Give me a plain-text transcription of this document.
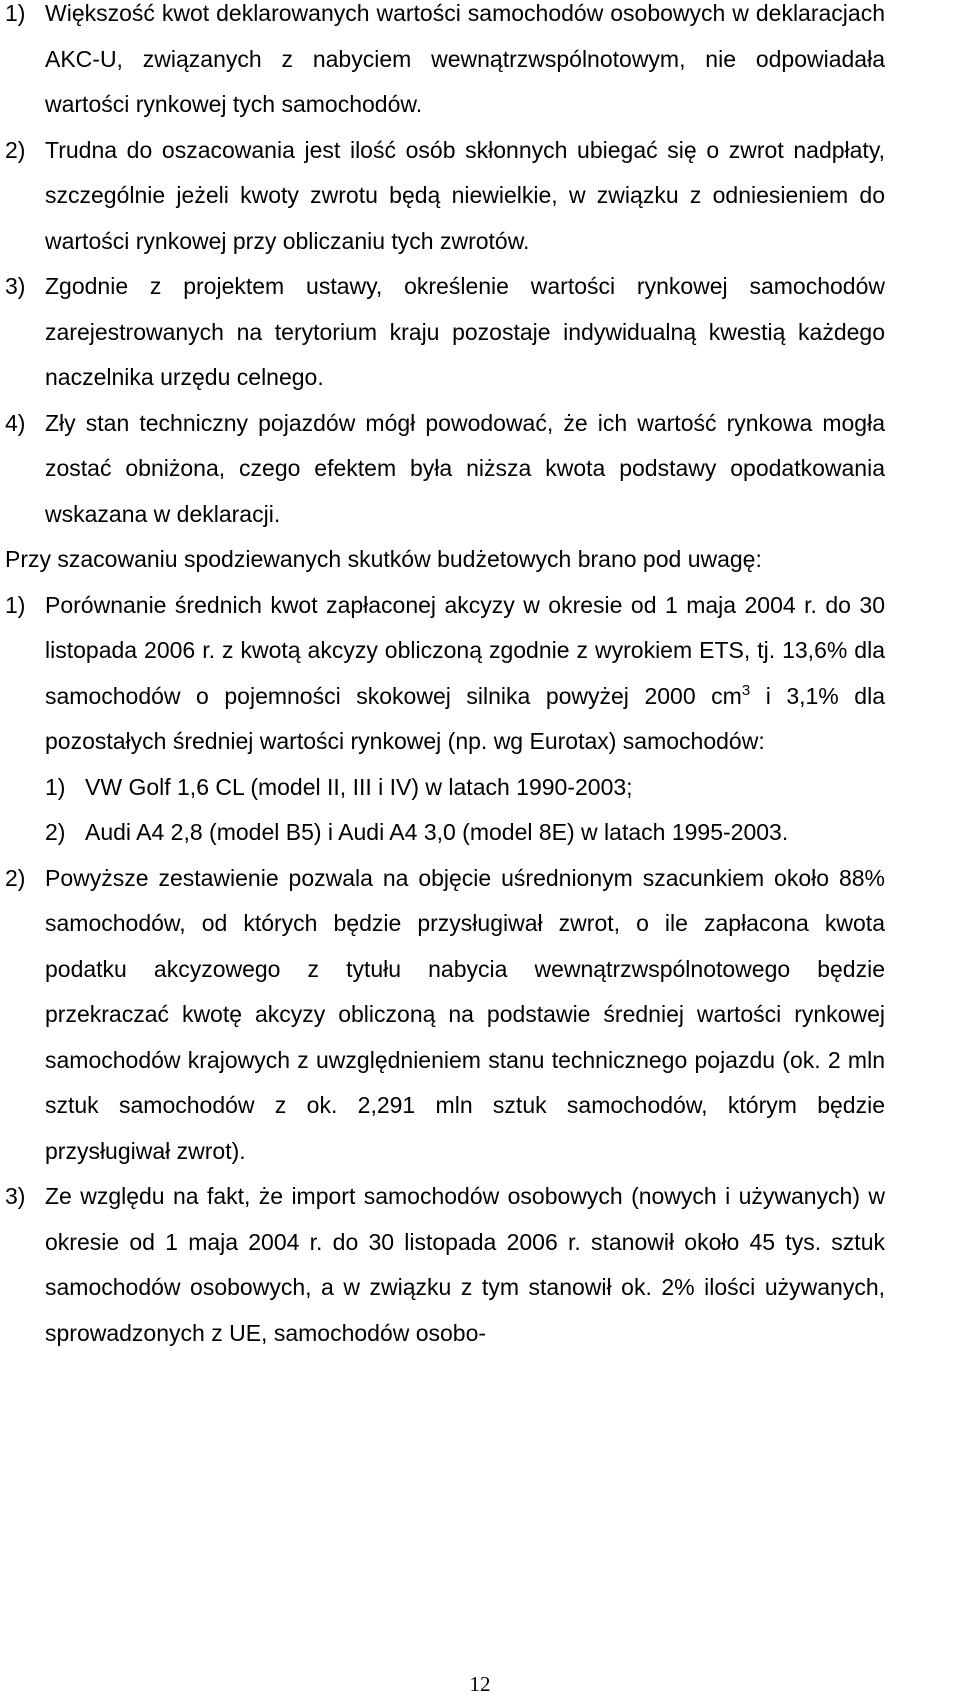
1) Większość kwot deklarowanych wartości samochodów osobowych w deklaracjach AKC-U, związanych z nabyciem wewnątrzwspólnotowym, nie odpowiadała wartości rynkowej tych samochodów.
2) Trudna do oszacowania jest ilość osób skłonnych ubiegać się o zwrot nadpłaty, szczególnie jeżeli kwoty zwrotu będą niewielkie, w związku z odniesieniem do wartości rynkowej przy obliczaniu tych zwrotów.
3) Zgodnie z projektem ustawy, określenie wartości rynkowej samochodów zarejestrowanych na terytorium kraju pozostaje indywidualną kwestią każdego naczelnika urzędu celnego.
4) Zły stan techniczny pojazdów mógł powodować, że ich wartość rynkowa mogła zostać obniżona, czego efektem była niższa kwota podstawy opodatkowania wskazana w deklaracji.
Przy szacowaniu spodziewanych skutków budżetowych brano pod uwagę:
1) Porównanie średnich kwot zapłaconej akcyzy w okresie od 1 maja 2004 r. do 30 listopada 2006 r. z kwotą akcyzy obliczoną zgodnie z wyrokiem ETS, tj. 13,6% dla samochodów o pojemności skokowej silnika powyżej 2000 $cm^3$ i 3,1% dla pozostałych średniej wartości rynkowej (np. wg Eurotax) samochodów:
1) VW Golf 1,6 CL (model II, III i IV) w latach 1990-2003;
2) Audi A4 2,8 (model B5) i Audi A4 3,0 (model 8E) w latach 1995-2003.
2) Powyższe zestawienie pozwala na objęcie uśrednionym szacunkiem około 88% samochodów, od których będzie przysługiwał zwrot, o ile zapłacona kwota podatku akcyzowego z tytułu nabycia wewnątrzwspólnotowego będzie przekraczać kwotę akcyzy obliczoną na podstawie średniej wartości rynkowej samochodów krajowych z uwzględnieniem stanu technicznego pojazdu (ok. 2 mln sztuk samochodów z ok. 2,291 mln sztuk samochodów, którym będzie przysługiwał zwrot).
3) Ze względu na fakt, że import samochodów osobowych (nowych i używanych) w okresie od 1 maja 2004 r. do 30 listopada 2006 r. stanowił około 45 tys. sztuk samochodów osobowych, a w związku z tym stanowił ok. 2% ilości używanych, sprowadzonych z UE, samochodów osobo-
12
